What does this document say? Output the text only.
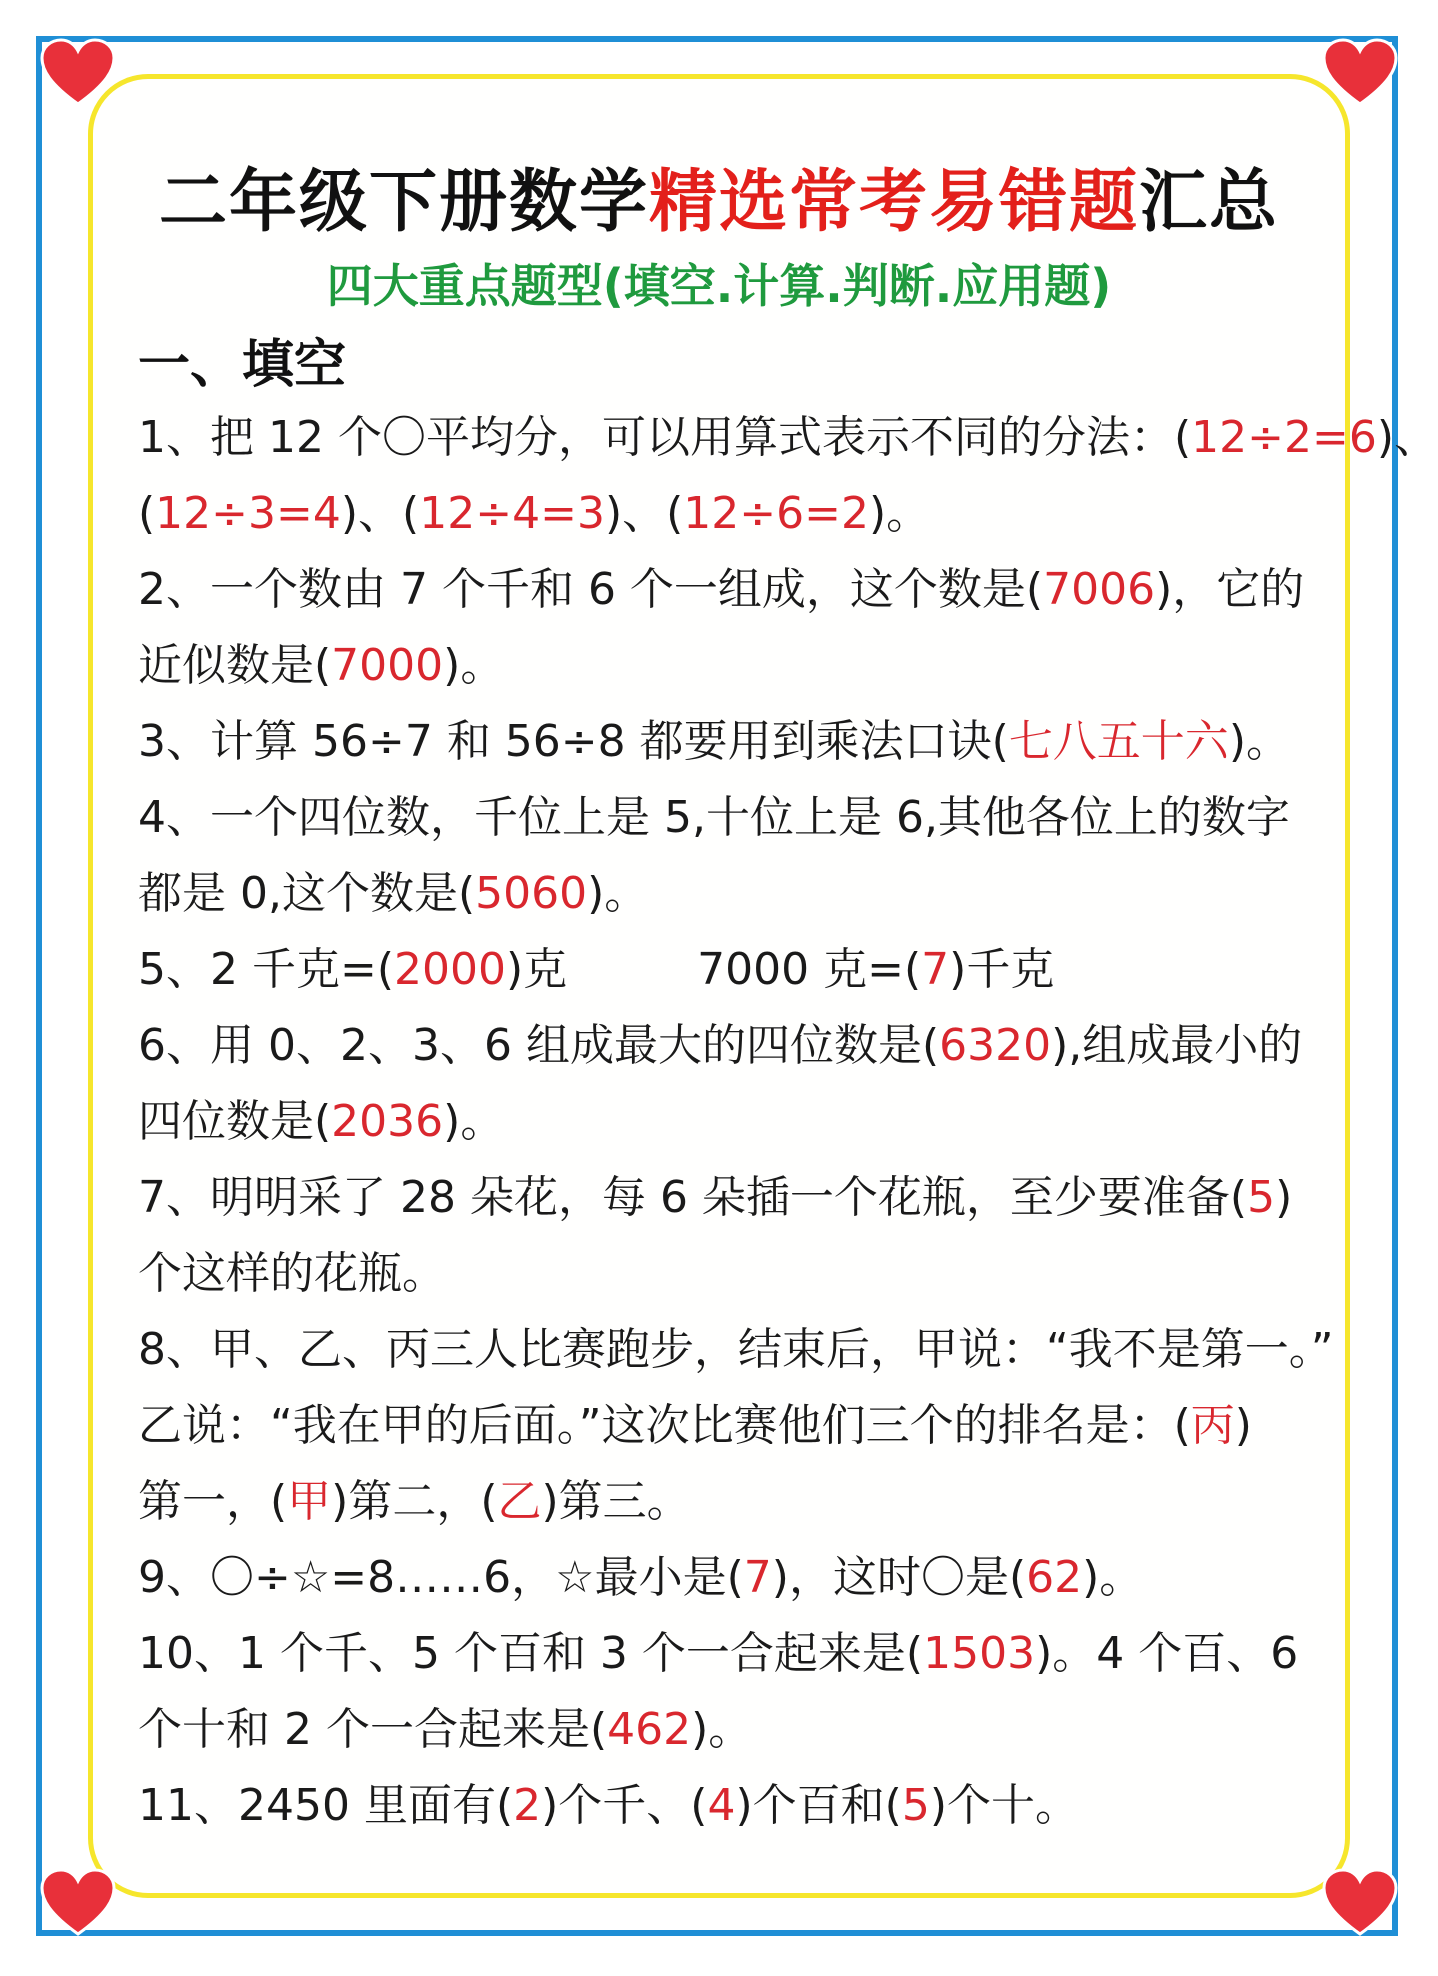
二年级下册数学精选常考易错题汇总
四大重点题型(填空.计算.判断.应用题)
一、填空
1、把 12 个〇平均分，可以用算式表示不同的分法：(12÷2=6)、
(12÷3=4)、(12÷4=3)、(12÷6=2)。
2、一个数由 7 个千和 6 个一组成，这个数是(7006)，它的
近似数是(7000)。
3、计算 56÷7 和 56÷8 都要用到乘法口诀(七八五十六)。
4、一个四位数，千位上是 5,十位上是 6,其他各位上的数字
都是 0,这个数是(5060)。
5、2 千克=(2000)克	7000 克=(7)千克
6、用 0、2、3、6 组成最大的四位数是(6320),组成最小的
四位数是(2036)。
7、明明采了 28 朵花，每 6 朵插一个花瓶，至少要准备(5)
个这样的花瓶。
8、甲、乙、丙三人比赛跑步，结束后，甲说：“我不是第一。”
乙说：“我在甲的后面。”这次比赛他们三个的排名是：(丙)
第一，(甲)第二，(乙)第三。
9、〇÷☆=8……6，☆最小是(7)，这时〇是(62)。
10、1 个千、5 个百和 3 个一合起来是(1503)。4 个百、6
个十和 2 个一合起来是(462)。
11、2450 里面有(2)个千、(4)个百和(5)个十。
